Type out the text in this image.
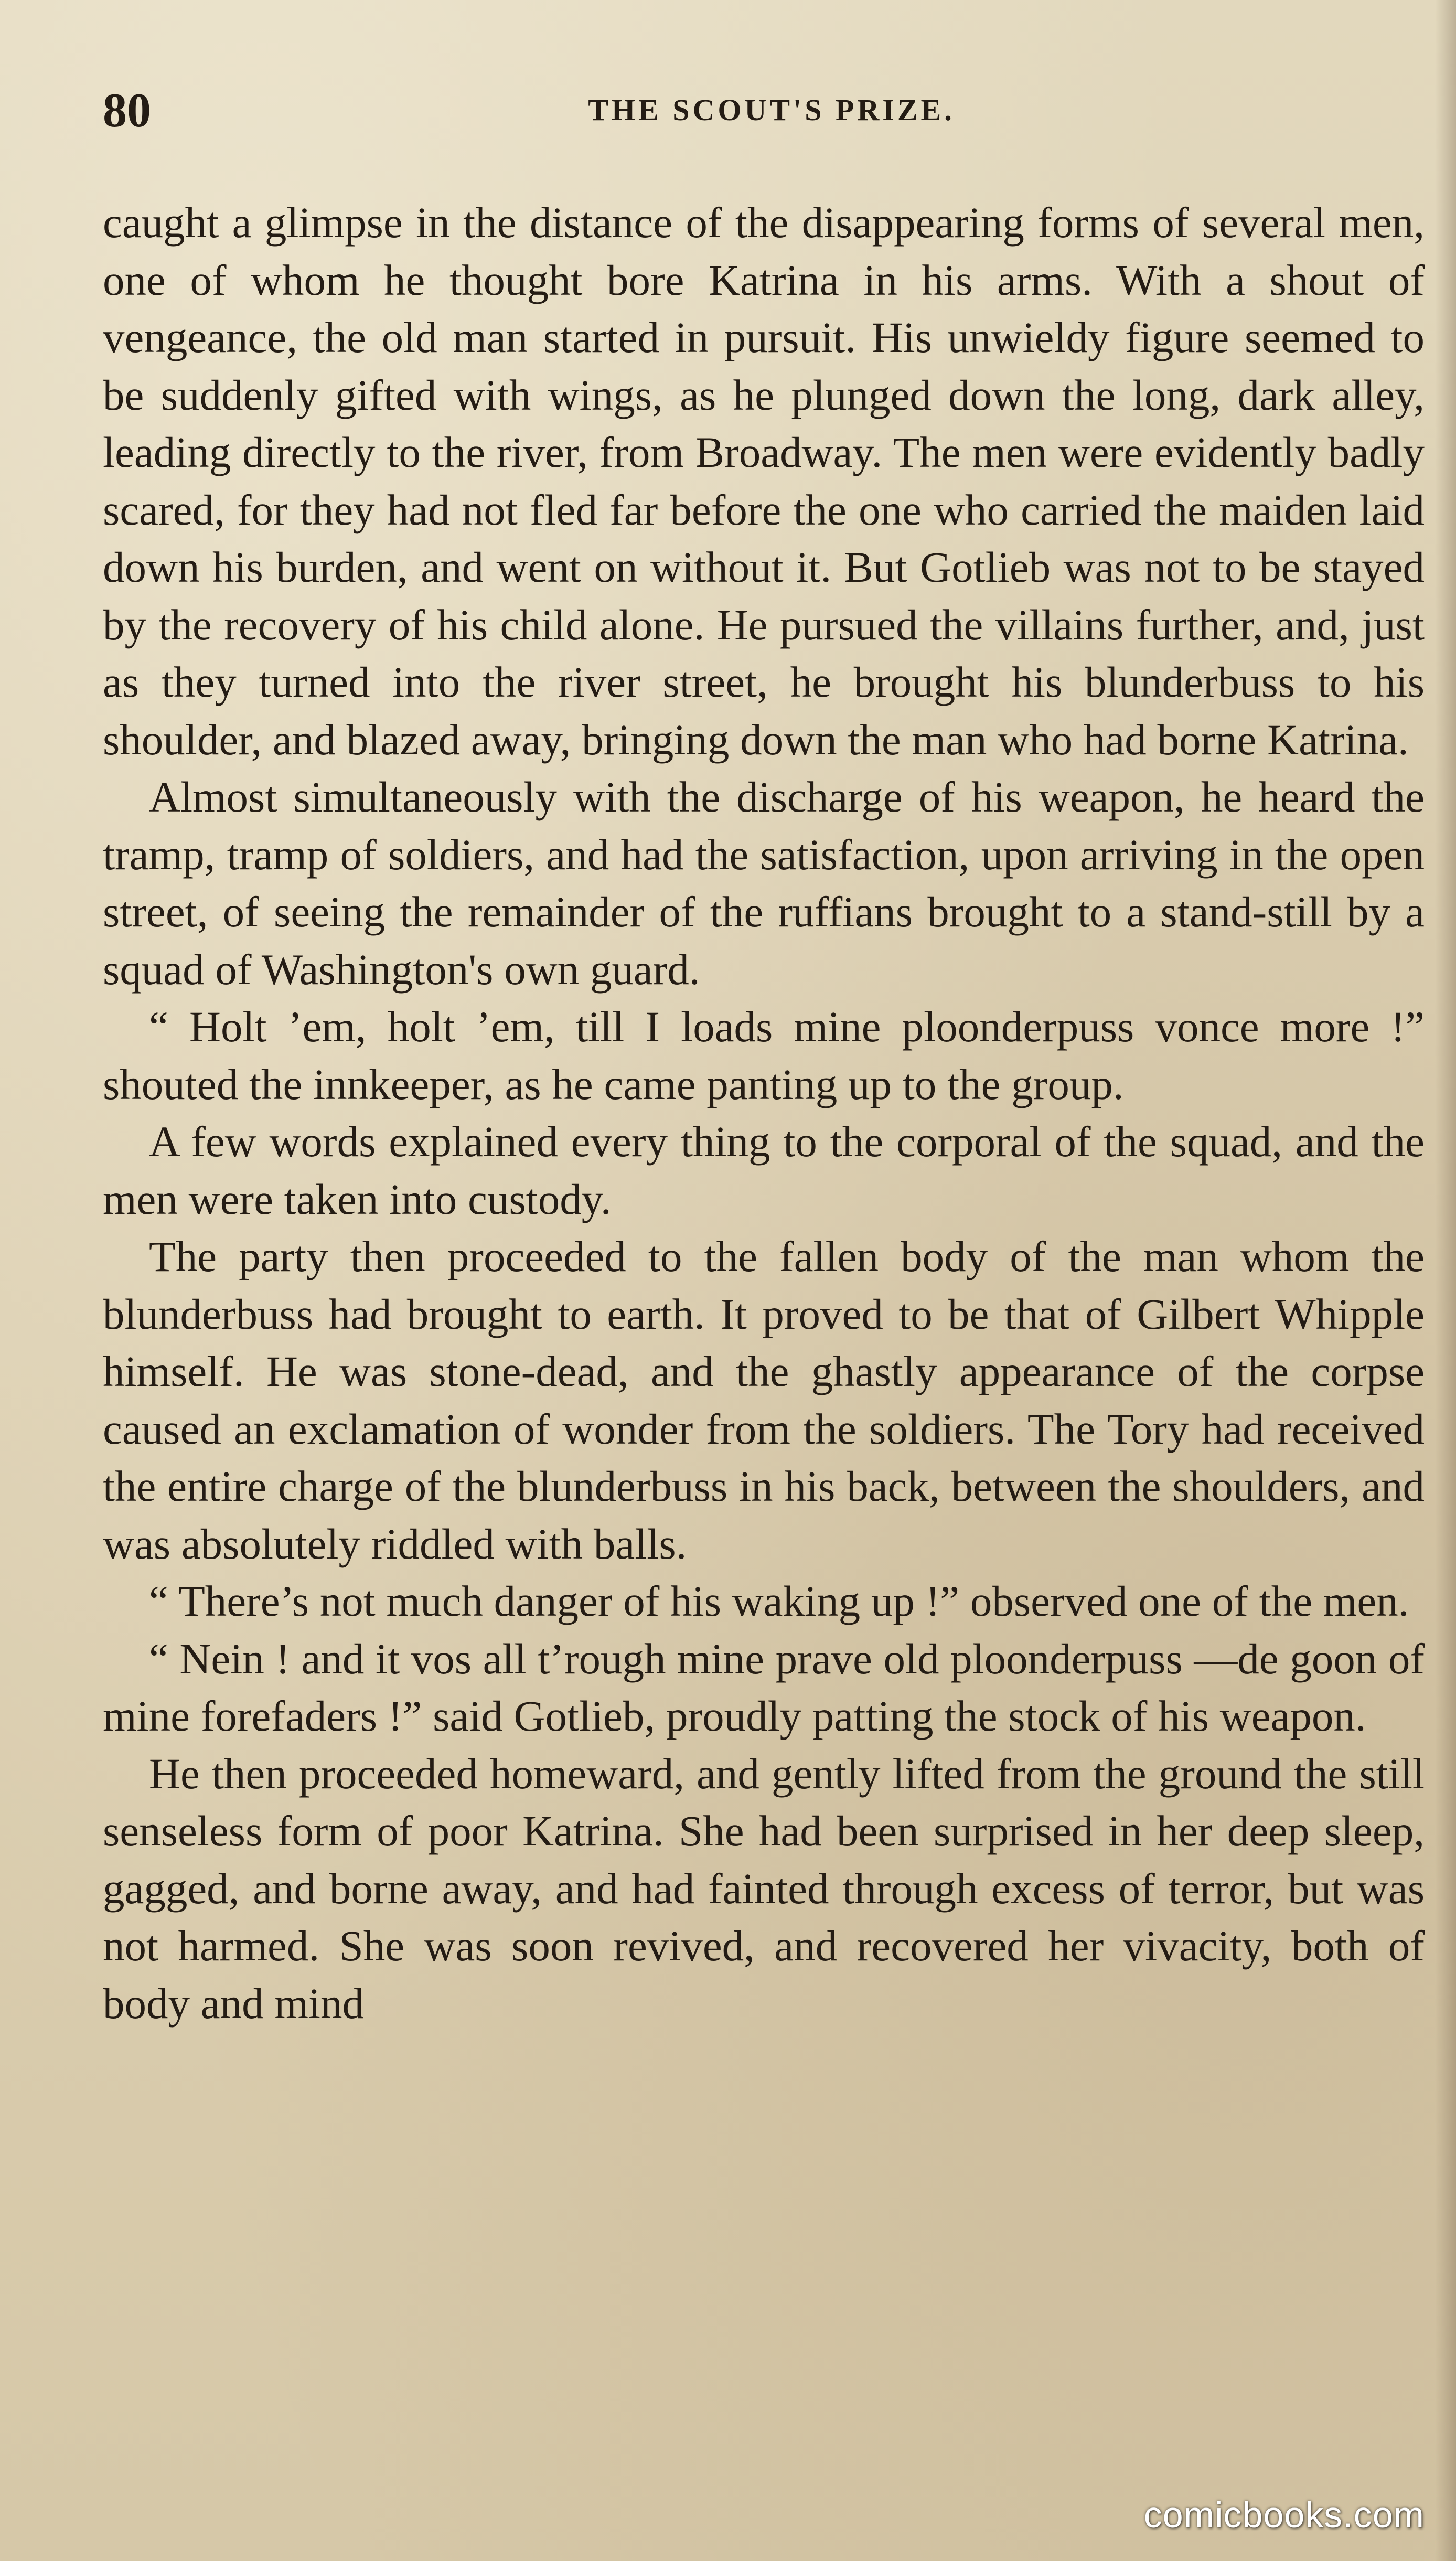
80	THE SCOUT'S PRIZE.

caught a glimpse in the distance of the disappearing forms of several men, one of whom he thought bore Katrina in his arms. With a shout of vengeance, the old man started in pursuit. His unwieldy figure seemed to be suddenly gifted with wings, as he plunged down the long, dark alley, leading directly to the river, from Broadway. The men were evidently badly scared, for they had not fled far before the one who carried the maiden laid down his burden, and went on without it. But Gotlieb was not to be stayed by the recovery of his child alone. He pursued the villains further, and, just as they turned into the river street, he brought his blunderbuss to his shoulder, and blazed away, bringing down the man who had borne Katrina.

Almost simultaneously with the discharge of his weapon, he heard the tramp, tramp of soldiers, and had the satisfaction, upon arriving in the open street, of seeing the remainder of the ruffians brought to a stand-still by a squad of Washington's own guard.

“ Holt ’em, holt ’em, till I loads mine ploonderpuss vonce more !” shouted the innkeeper, as he came panting up to the group.

A few words explained every thing to the corporal of the squad, and the men were taken into custody.

The party then proceeded to the fallen body of the man whom the blunderbuss had brought to earth. It proved to be that of Gilbert Whipple himself. He was stone-dead, and the ghastly appearance of the corpse caused an exclamation of wonder from the soldiers. The Tory had received the entire charge of the blunderbuss in his back, between the shoulders, and was absolutely riddled with balls.

“ There’s not much danger of his waking up !” observed one of the men.

“ Nein ! and it vos all t’rough mine prave old ploonderpuss —de goon of mine forefaders !” said Gotlieb, proudly patting the stock of his weapon.

He then proceeded homeward, and gently lifted from the ground the still senseless form of poor Katrina. She had been surprised in her deep sleep, gagged, and borne away, and had fainted through excess of terror, but was not harmed. She was soon revived, and recovered her vivacity, both of body and mind

comicbooks.com
